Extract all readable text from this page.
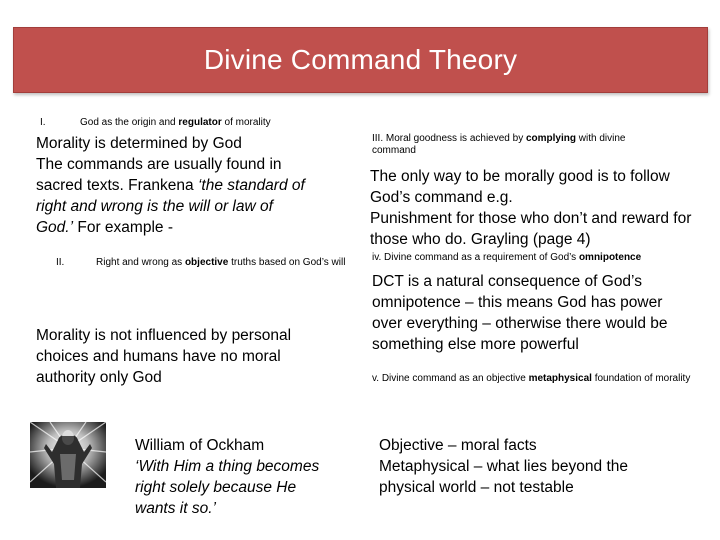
Divine Command Theory
I.	God as the origin and regulator of morality
Morality is determined by God
The commands are usually found in sacred texts. Frankena ‘the standard of right and wrong is the will or law of God.’ For example -
II.	Right and wrong as objective truths based on God’s will
Morality is not influenced by personal choices and humans have no moral authority only God
III. Moral goodness is achieved by complying with divine command
The only way to be morally good is to follow God’s command e.g.
Punishment for those who don’t and reward for those who do. Grayling (page 4)
iv. Divine command as a requirement of God’s omnipotence
DCT is a natural consequence of God’s omnipotence – this means God has power over everything – otherwise there would be something else more powerful
v. Divine command as an objective metaphysical foundation of morality
William of Ockham
‘With Him a thing becomes right solely because He wants it so.’
Objective – moral facts
Metaphysical – what lies beyond the physical world – not testable
